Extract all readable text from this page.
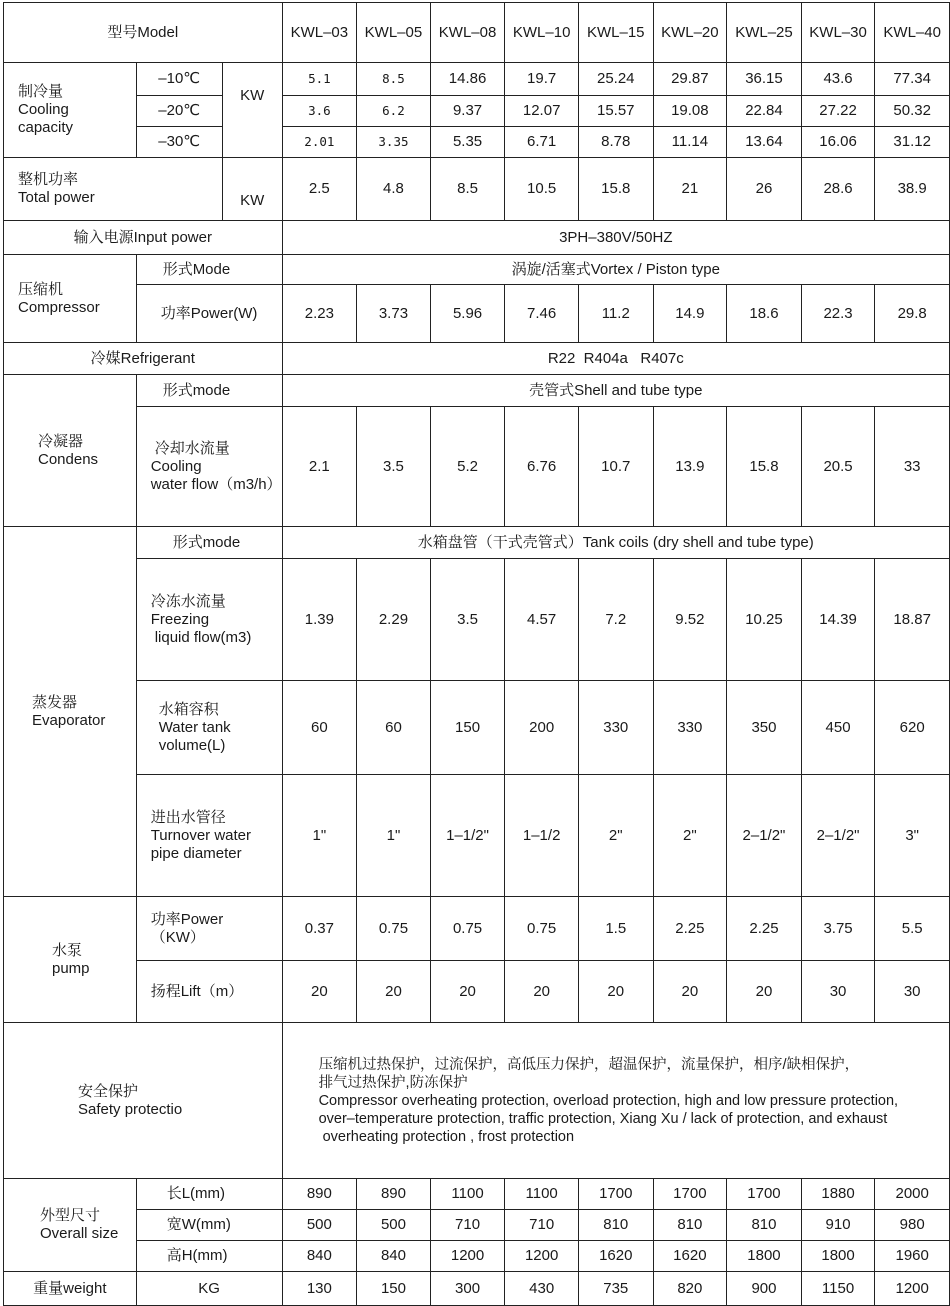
型号Model			KWL–03	KWL–05	KWL–08	KWL–10	KWL–15	KWL–20	KWL–25	KWL–30	KWL–40

制冷量
Cooling
capacity	–10℃	KW	5.1	8.5	14.86	19.7	25.24	29.87	36.15	43.6	77.34
	–20℃		3.6	6.2	9.37	12.07	15.57	19.08	22.84	27.22	50.32
	–30℃		2.01	3.35	5.35	6.71	8.78	11.14	13.64	16.06	31.12

整机功率
Total power		KW	2.5	4.8	8.5	10.5	15.8	21	26	28.6	38.9
输入电源Input power			3PH–380V/50HZ								

压缩机
Compressor	形式Mode		涡旋/活塞式Vortex / Piston type								
	功率Power(W)		2.23	3.73	5.96	7.46	11.2	14.9	18.6	22.3	29.8
冷媒Refrigerant			R22  R404a   R407c								

冷凝器
Condens	形式mode		壳管式Shell and tube type								

	冷却水流量
Cooling
water flow（m3/h）		2.1	3.5	5.2	6.76	10.7	13.9	15.8	20.5	33

蒸发器
Evaporator	形式mode		水箱盘管（干式壳管式）Tank coils (dry shell and tube type)								

	冷冻水流量
Freezing
liquid flow(m3)		1.39	2.29	3.5	4.57	7.2	9.52	10.25	14.39	18.87

	水箱容积
Water tank
volume(L)		60	60	150	200	330	330	350	450	620

	进出水管径
Turnover water
pipe diameter		1"	1"	1–1/2"	1–1/2	2"	2"	2–1/2"	2–1/2"	3"

水泵
pump	功率Power
（KW）		0.37	0.75	0.75	0.75	1.5	2.25	2.25	3.75	5.5
	扬程Lift（m）		20	20	20	20	20	20	20	30	30

安全保护
Safety protectio			压缩机过热保护，过流保护，高低压力保护，超温保护，流量保护，相序/缺相保护，
排气过热保护,防冻保护
Compressor overheating protection, overload protection, high and low pressure protection,
over–temperature protection, traffic protection, Xiang Xu / lack of protection, and exhaust
overheating protection , frost protection								

外型尺寸
Overall size	长L(mm)		890	890	1100	1100	1700	1700	1700	1880	2000
	宽W(mm)		500	500	710	710	810	810	810	910	980
	高H(mm)		840	840	1200	1200	1620	1620	1800	1800	1960
重量weight	KG		130	150	300	430	735	820	900	1150	1200
